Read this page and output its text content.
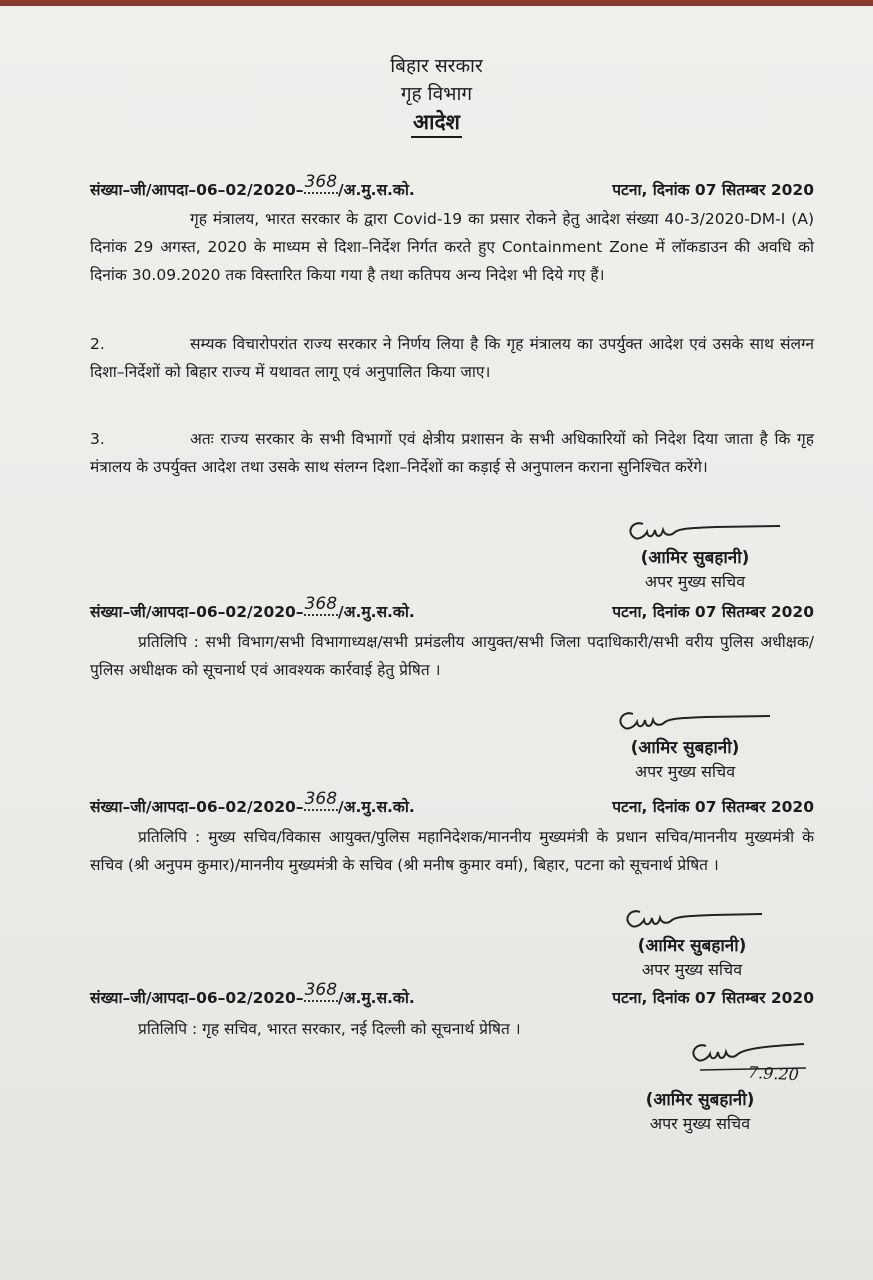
बिहार सरकार
गृह विभाग
आदेश
संख्या–जी/आपदा–06–02/2020–368/अ.मु.स.को.	पटना, दिनांक 07 सितम्बर 2020
गृह मंत्रालय, भारत सरकार के द्वारा Covid-19 का प्रसार रोकने हेतु आदेश संख्या 40-3/2020-DM-I (A) दिनांक 29 अगस्त, 2020 के माध्यम से दिशा–निर्देश निर्गत करते हुए Containment Zone में लॉकडाउन की अवधि को दिनांक 30.09.2020 तक विस्तारित किया गया है तथा कतिपय अन्य निदेश भी दिये गए हैं।
2.	सम्यक विचारोपरांत राज्य सरकार ने निर्णय लिया है कि गृह मंत्रालय का उपर्युक्त आदेश एवं उसके साथ संलग्न दिशा–निर्देशों को बिहार राज्य में यथावत लागू एवं अनुपालित किया जाए।
3.	अतः राज्य सरकार के सभी विभागों एवं क्षेत्रीय प्रशासन के सभी अधिकारियों को निदेश दिया जाता है कि गृह मंत्रालय के उपर्युक्त आदेश तथा उसके साथ संलग्न दिशा–निर्देशों का कड़ाई से अनुपालन कराना सुनिश्चित करेंगे।
(आमिर सुबहानी)
अपर मुख्य सचिव
संख्या–जी/आपदा–06–02/2020–368/अ.मु.स.को.	पटना, दिनांक 07 सितम्बर 2020
प्रतिलिपि : सभी विभाग/सभी विभागाध्यक्ष/सभी प्रमंडलीय आयुक्त/सभी जिला पदाधिकारी/सभी वरीय पुलिस अधीक्षक/पुलिस अधीक्षक को सूचनार्थ एवं आवश्यक कार्रवाई हेतु प्रेषित ।
(आमिर सुबहानी)
अपर मुख्य सचिव
संख्या–जी/आपदा–06–02/2020–368/अ.मु.स.को.	पटना, दिनांक 07 सितम्बर 2020
प्रतिलिपि : मुख्य सचिव/विकास आयुक्त/पुलिस महानिदेशक/माननीय मुख्यमंत्री के प्रधान सचिव/माननीय मुख्यमंत्री के सचिव (श्री अनुपम कुमार)/माननीय मुख्यमंत्री के सचिव (श्री मनीष कुमार वर्मा), बिहार, पटना को सूचनार्थ प्रेषित ।
(आमिर सुबहानी)
अपर मुख्य सचिव
संख्या–जी/आपदा–06–02/2020–368/अ.मु.स.को.	पटना, दिनांक 07 सितम्बर 2020
प्रतिलिपि : गृह सचिव, भारत सरकार, नई दिल्ली को सूचनार्थ प्रेषित ।
(आमिर सुबहानी)
अपर मुख्य सचिव
7.9.20
